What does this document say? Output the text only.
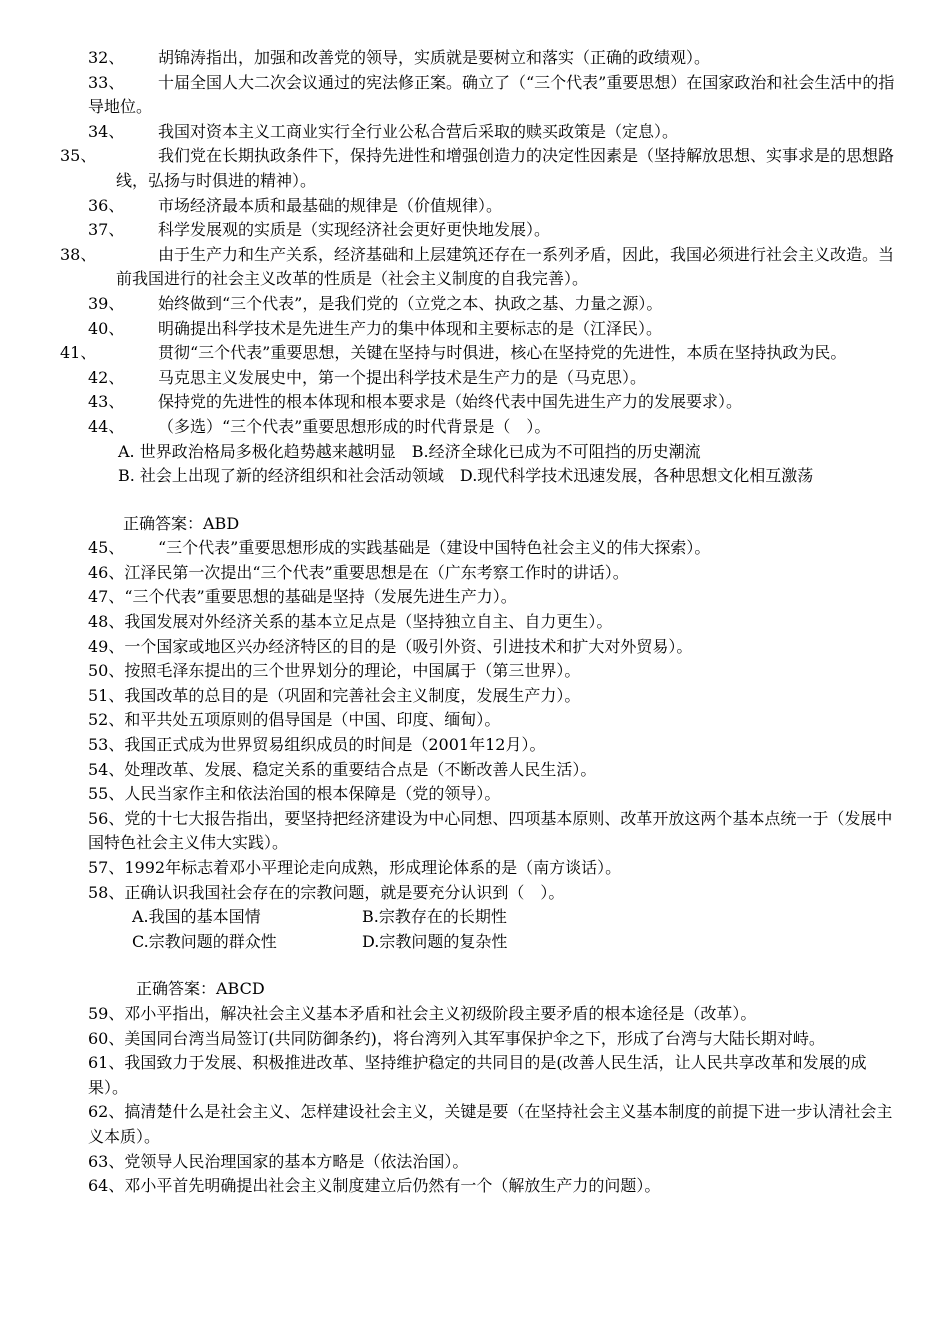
32、 胡锦涛指出，加强和改善党的领导，实质就是要树立和落实（正确的政绩观）。

33、 十届全国人大二次会议通过的宪法修正案。确立了（“三个代表”重要思想）在国家政治和社会生活中的指导地位。

34、 我国对资本主义工商业实行全行业公私合营后采取的赎买政策是（定息）。

35、	我们党在长期执政条件下，保持先进性和增强创造力的决定性因素是（坚持解放思想、实事求是的思想路线，弘扬与时俱进的精神）。

36、 市场经济最本质和最基础的规律是（价值规律）。

37、 科学发展观的实质是（实现经济社会更好更快地发展）。

38、	由于生产力和生产关系，经济基础和上层建筑还存在一系列矛盾，因此，我国必须进行社会主义改造。当前我国进行的社会主义改革的性质是（社会主义制度的自我完善）。

39、 始终做到“三个代表”，是我们党的（立党之本、执政之基、力量之源）。

40、 明确提出科学技术是先进生产力的集中体现和主要标志的是（江泽民）。

41、	贯彻“三个代表”重要思想，关键在坚持与时俱进，核心在坚持党的先进性，本质在坚持执政为民。

42、 马克思主义发展史中，第一个提出科学技术是生产力的是（马克思）。

43、 保持党的先进性的根本体现和根本要求是（始终代表中国先进生产力的发展要求）。

44、 （多选）“三个代表”重要思想形成的时代背景是（　）。

A. 世界政治格局多极化趋势越来越明显　B.经济全球化已成为不可阻挡的历史潮流

B. 社会上出现了新的经济组织和社会活动领域　D.现代科学技术迅速发展，各种思想文化相互激荡

正确答案：ABD

45、 “三个代表”重要思想形成的实践基础是（建设中国特色社会主义的伟大探索）。

46、江泽民第一次提出“三个代表”重要思想是在（广东考察工作时的讲话）。

47、“三个代表”重要思想的基础是坚持（发展先进生产力）。

48、我国发展对外经济关系的基本立足点是（坚持独立自主、自力更生）。

49、一个国家或地区兴办经济特区的目的是（吸引外资、引进技术和扩大对外贸易）。

50、按照毛泽东提出的三个世界划分的理论，中国属于（第三世界）。

51、我国改革的总目的是（巩固和完善社会主义制度，发展生产力）。

52、和平共处五项原则的倡导国是（中国、印度、缅甸）。

53、我国正式成为世界贸易组织成员的时间是（2001年12月）。

54、处理改革、发展、稳定关系的重要结合点是（不断改善人民生活）。

55、人民当家作主和依法治国的根本保障是（党的领导）。

56、党的十七大报告指出，要坚持把经济建设为中心同想、四项基本原则、改革开放这两个基本点统一于（发展中国特色社会主义伟大实践）。

57、1992年标志着邓小平理论走向成熟，形成理论体系的是（南方谈话）。

58、正确认识我国社会存在的宗教问题，就是要充分认识到（　）。

A.我国的基本国情	B.宗教存在的长期性
C.宗教问题的群众性	D.宗教问题的复杂性

正确答案：ABCD

59、邓小平指出，解决社会主义基本矛盾和社会主义初级阶段主要矛盾的根本途径是（改革）。

60、美国同台湾当局签订(共同防御条约)，将台湾列入其军事保护伞之下，形成了台湾与大陆长期对峙。

61、我国致力于发展、积极推进改革、坚持维护稳定的共同目的是(改善人民生活，让人民共享改革和发展的成果）。

62、搞清楚什么是社会主义、怎样建设社会主义，关键是要（在坚持社会主义基本制度的前提下进一步认清社会主义本质）。

63、党领导人民治理国家的基本方略是（依法治国）。

64、邓小平首先明确提出社会主义制度建立后仍然有一个（解放生产力的问题）。
